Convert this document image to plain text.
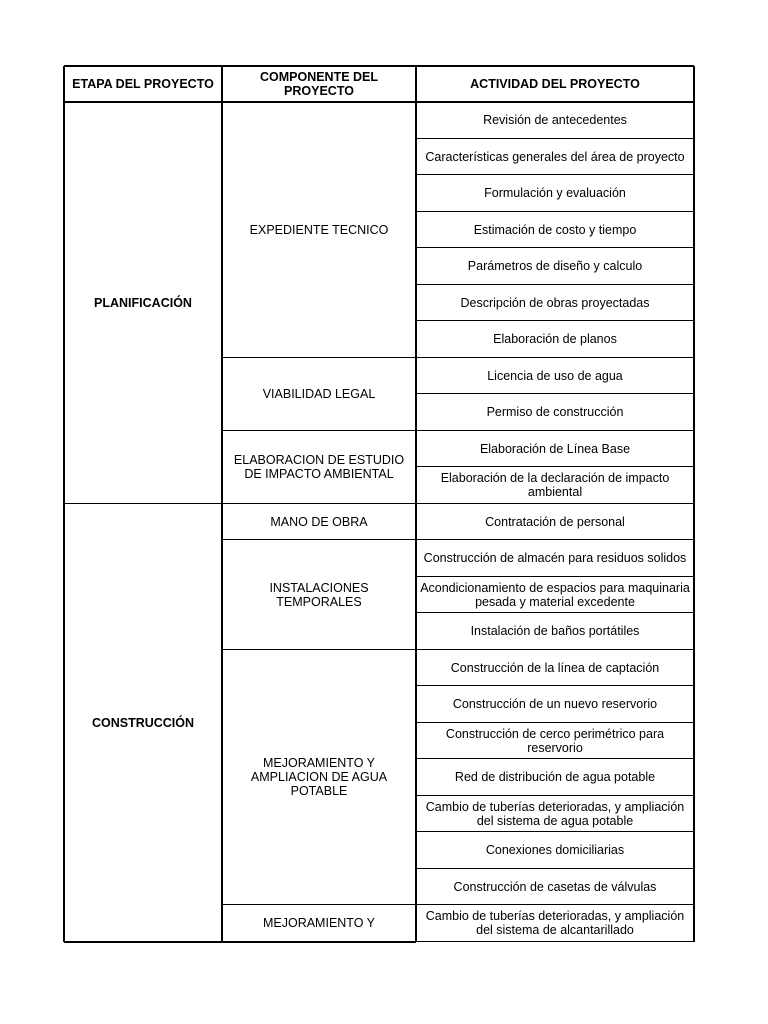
ETAPA DEL PROYECTO	COMPONENTE DEL PROYECTO	ACTIVIDAD DEL PROYECTO
Revisión de antecedentes
Características generales del área de proyecto
Formulación y evaluación
Estimación de costo y tiempo
Parámetros de diseño y calculo
Descripción de obras proyectadas
Elaboración de planos
EXPEDIENTE TECNICO
Licencia de uso de agua
Permiso de construcción
VIABILIDAD LEGAL
Elaboración de Línea Base
Elaboración de la declaración de impacto ambiental
ELABORACION DE ESTUDIO DE IMPACTO AMBIENTAL
PLANIFICACIÓN
Contratación de personal
MANO DE OBRA
Construcción de almacén para residuos solidos
Acondicionamiento de espacios para maquinaria pesada y material excedente
Instalación de baños portátiles
INSTALACIONES TEMPORALES
Construcción de la línea de captación
Construcción de un nuevo reservorio
Construcción de cerco perimétrico para reservorio
Red de distribución de agua potable
Cambio de tuberías deterioradas, y ampliación del sistema de agua potable
Conexiones domiciliarias
Construcción de casetas de válvulas
MEJORAMIENTO Y AMPLIACION DE AGUA POTABLE
Cambio de tuberías deterioradas, y ampliación del sistema de alcantarillado
MEJORAMIENTO Y
CONSTRUCCIÓN
